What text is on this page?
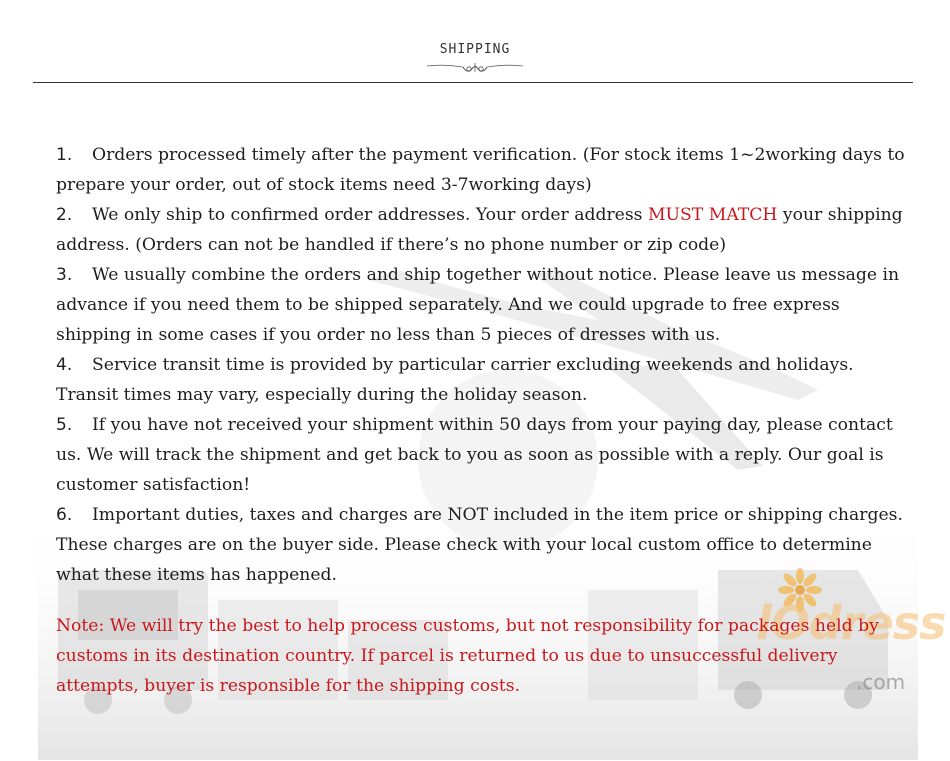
SHIPPING

1. Orders processed timely after the payment verification. (For stock items 1~2working days to prepare your order, out of stock items need 3-7working days)

2. We only ship to confirmed order addresses. Your order address MUST MATCH your shipping address. (Orders can not be handled if there’s no phone number or zip code)

3. We usually combine the orders and ship together without notice. Please leave us message in advance if you need them to be shipped separately. And we could upgrade to free express shipping in some cases if you order no less than 5 pieces of dresses with us.

4. Service transit time is provided by particular carrier excluding weekends and holidays. Transit times may vary, especially during the holiday season.

5. If you have not received your shipment within 50 days from your paying day, please contact us. We will track the shipment and get back to you as soon as possible with a reply. Our goal is customer satisfaction!

6. Important duties, taxes and charges are NOT included in the item price or shipping charges. These charges are on the buyer side. Please check with your local custom office to determine what these items has happened.

lOdress
.com
Note: We will try the best to help process customs, but not responsibility for packages held by customs in its destination country. If parcel is returned to us due to unsuccessful delivery attempts, buyer is responsible for the shipping costs.
